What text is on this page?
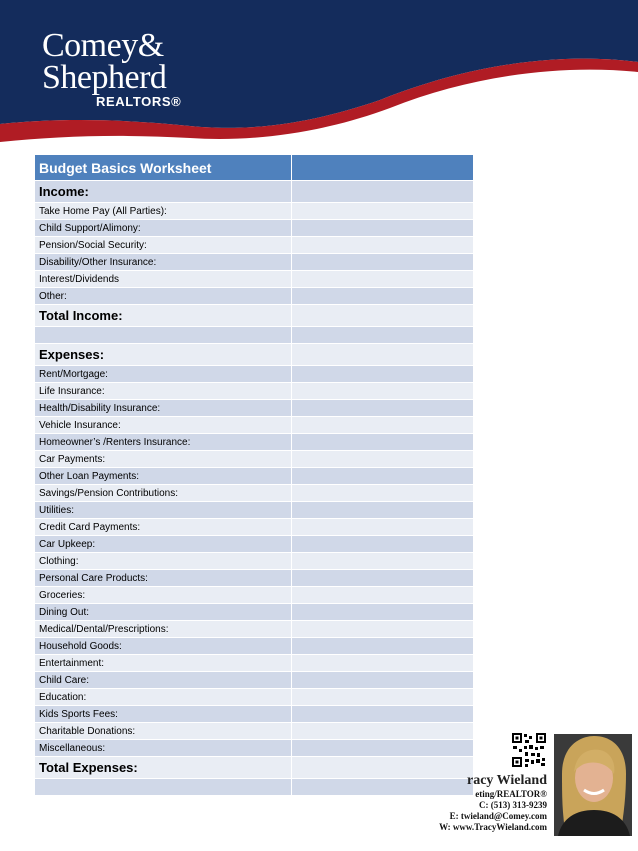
Comey&
Shepherd
REALTORS®
Budget Basics Worksheet	
Income:	
Take Home Pay (All Parties):	
Child Support/Alimony:	
Pension/Social Security:	
Disability/Other Insurance:	
Interest/Dividends	
Other:	
Total Income:	

Expenses:	
Rent/Mortgage:	
Life Insurance:	
Health/Disability Insurance:	
Vehicle Insurance:	
Homeowner’s /Renters Insurance:	
Car Payments:	
Other Loan Payments:	
Savings/Pension Contributions:	
Utilities:	
Credit Card Payments:	
Car Upkeep:	
Clothing:	
Personal Care Products:	
Groceries:	
Dining Out:	
Medical/Dental/Prescriptions:	
Household Goods:	
Entertainment:	
Child Care:	
Education:	
Kids Sports Fees:	
Charitable Donations:	
Miscellaneous:	
Total Expenses:	

racy Wieland
eting/REALTOR®
C: (513) 313-9239
E: twieland@Comey.com
W: www.TracyWieland.com
